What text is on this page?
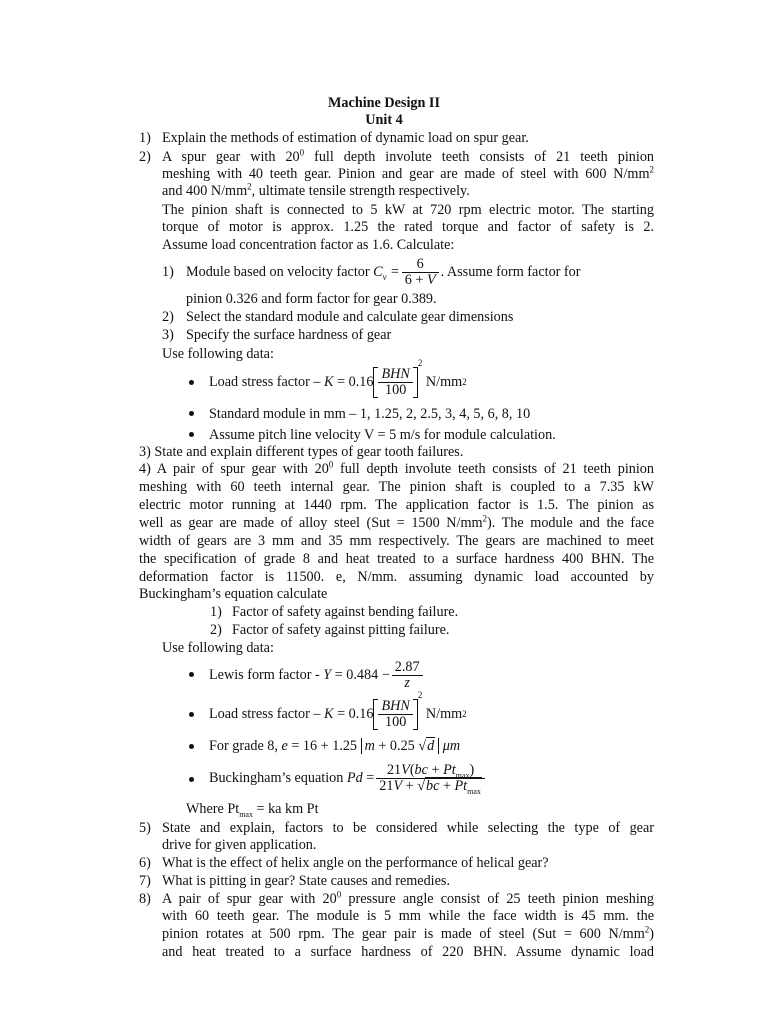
Machine Design II
Unit 4
1) Explain the methods of estimation of dynamic load on spur gear.
2) A spur gear with $20^0$ full depth involute teeth consists of 21 teeth pinion
meshing with 40 teeth gear. Pinion and gear are made of steel with 600 $N/mm^2$
and 400 $N/mm^2$, ultimate tensile strength respectively.
The pinion shaft is connected to 5 kW at 720 rpm electric motor. The starting
torque of motor is approx. 1.25 the rated torque and factor of safety is 2.
Assume load concentration factor as 1.6. Calculate:
1) Module based on velocity factor $C_v = \frac{6}{6 + V}$ . Assume form factor for
pinion 0.326 and form factor for gear 0.389.
2) Select the standard module and calculate gear dimensions
3) Specify the surface hardness of gear
Use following data:
Load stress factor – $K = 0.16 \frac{\text{BHN}}{100}$
$^2$ $N/mm^2$
Standard module in mm – 1, 1.25, 2, 2.5, 3, 4, 5, 6, 8, 10
Assume pitch line velocity V = 5 m/s for module calculation.
3) State and explain different types of gear tooth failures.
4) A pair of spur gear with $20^0$ full depth involute teeth consists of 21 teeth pinion
meshing with 60 teeth internal gear. The pinion shaft is coupled to a 7.35 kW
electric motor running at 1440 rpm. The application factor is 1.5. The pinion as
well as gear are made of alloy steel (Sut = 1500 $N/mm^2$). The module and the face
width of gears are 3 mm and 35 mm respectively. The gears are machined to meet
the specification of grade 8 and heat treated to a surface hardness 400 BHN. The
deformation factor is 11500. e, N/mm. assuming dynamic load accounted by
Buckingham’s equation calculate
1) Factor of safety against bending failure.
2) Factor of safety against pitting failure.
Use following data:
Lewis form factor - $Y = 0.484 - \frac{2.87}{z}$
Load stress factor – $K = 0.16 \frac{\text{BHN}}{100}$
$^2$ $N/mm^2$
For grade 8, e = 16 + 1.25 m + 0.25 √d μm
Buckingham’s equation $Pd = \frac{21V(bc + Pt_{max})}{21V + √bc + Pt_{max}}$
Where $Pt_{max}$ = ka km Pt
5) State and explain, factors to be considered while selecting the type of gear
drive for given application.
6) What is the effect of helix angle on the performance of helical gear?
7) What is pitting in gear? State causes and remedies.
8) A pair of spur gear with $20^0$ pressure angle consist of 25 teeth pinion meshing
with 60 teeth gear. The module is 5 mm while the face width is 45 mm. the
pinion rotates at 500 rpm. The gear pair is made of steel (Sut = 600 $N/mm^2$)
and heat treated to a surface hardness of 220 BHN. Assume dynamic load
